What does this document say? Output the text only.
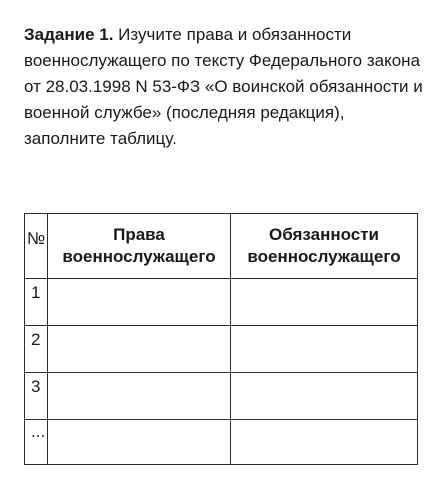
Задание 1. Изучите права и обязанности военнослужащего по тексту Федерального закона от 28.03.1998 N 53-ФЗ «О воинской обязанности и военной службе» (последняя редакция), заполните таблицу.
№	Права военнослужащего	Обязанности военнослужащего
1		
2		
3		
...		
